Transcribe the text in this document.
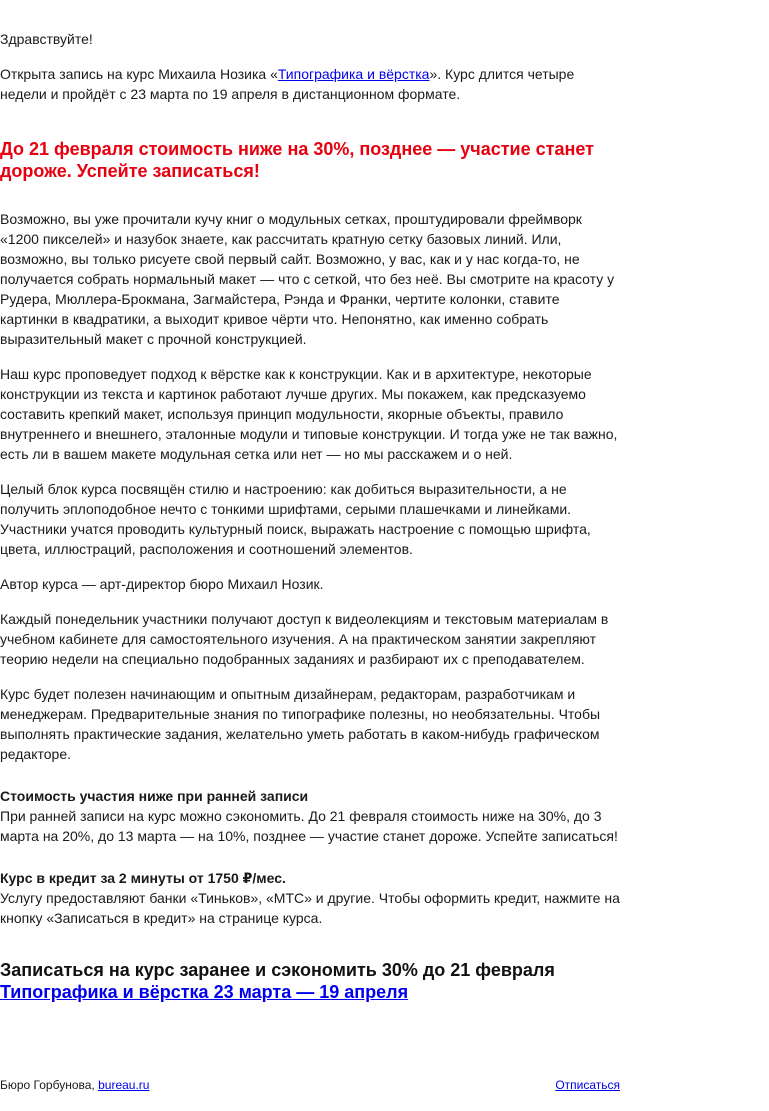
Здравствуйте!

Открыта запись на курс Михаила Нозика «Типографика и вёрстка». Курс длится четыре недели и пройдёт с 23 марта по 19 апреля в дистанционном формате.

До 21 февраля стоимость ниже на 30%, позднее — участие станет дороже. Успейте записаться!

Возможно, вы уже прочитали кучу книг о модульных сетках, проштудировали фреймворк «1200 пикселей» и назубок знаете, как рассчитать кратную сетку базовых линий. Или, возможно, вы только рисуете свой первый сайт. Возможно, у вас, как и у нас когда-то, не получается собрать нормальный макет — что с сеткой, что без неё. Вы смотрите на красоту у Рудера, Мюллера-Брокмана, Загмайстера, Рэнда и Франки, чертите колонки, ставите картинки в квадратики, а выходит кривое чёрти что. Непонятно, как именно собрать выразительный макет с прочной конструкцией.

Наш курс проповедует подход к вёрстке как к конструкции. Как и в архитектуре, некоторые конструкции из текста и картинок работают лучше других. Мы покажем, как предсказуемо составить крепкий макет, используя принцип модульности, якорные объекты, правило внутреннего и внешнего, эталонные модули и типовые конструкции. И тогда уже не так важно, есть ли в вашем макете модульная сетка или нет — но мы расскажем и о ней.

Целый блок курса посвящён стилю и настроению: как добиться выразительности, а не получить эплоподобное нечто с тонкими шрифтами, серыми плашечками и линейками. Участники учатся проводить культурный поиск, выражать настроение с помощью шрифта, цвета, иллюстраций, расположения и соотношений элементов.

Автор курса — арт-директор бюро Михаил Нозик.

Каждый понедельник участники получают доступ к видеолекциям и текстовым материалам в учебном кабинете для самостоятельного изучения. А на практическом занятии закрепляют теорию недели на специально подобранных заданиях и разбирают их с преподавателем.

Курс будет полезен начинающим и опытным дизайнерам, редакторам, разработчикам и менеджерам. Предварительные знания по типографике полезны, но необязательны. Чтобы выполнять практические задания, желательно уметь работать в каком-нибудь графическом редакторе.

Стоимость участия ниже при ранней записи

При ранней записи на курс можно сэкономить. До 21 февраля стоимость ниже на 30%, до 3 марта на 20%, до 13 марта — на 10%, позднее — участие станет дороже. Успейте записаться!

Курс в кредит за 2 минуты от 1750 ₽/мес.

Услугу предоставляют банки «Тиньков», «МТС» и другие. Чтобы оформить кредит, нажмите на кнопку «Записаться в кредит» на странице курса.

Записаться на курс заранее и сэкономить 30% до 21 февраля
Типографика и вёрстка 23 марта — 19 апреля
Бюро Горбунова, bureau.ru	Отписаться
